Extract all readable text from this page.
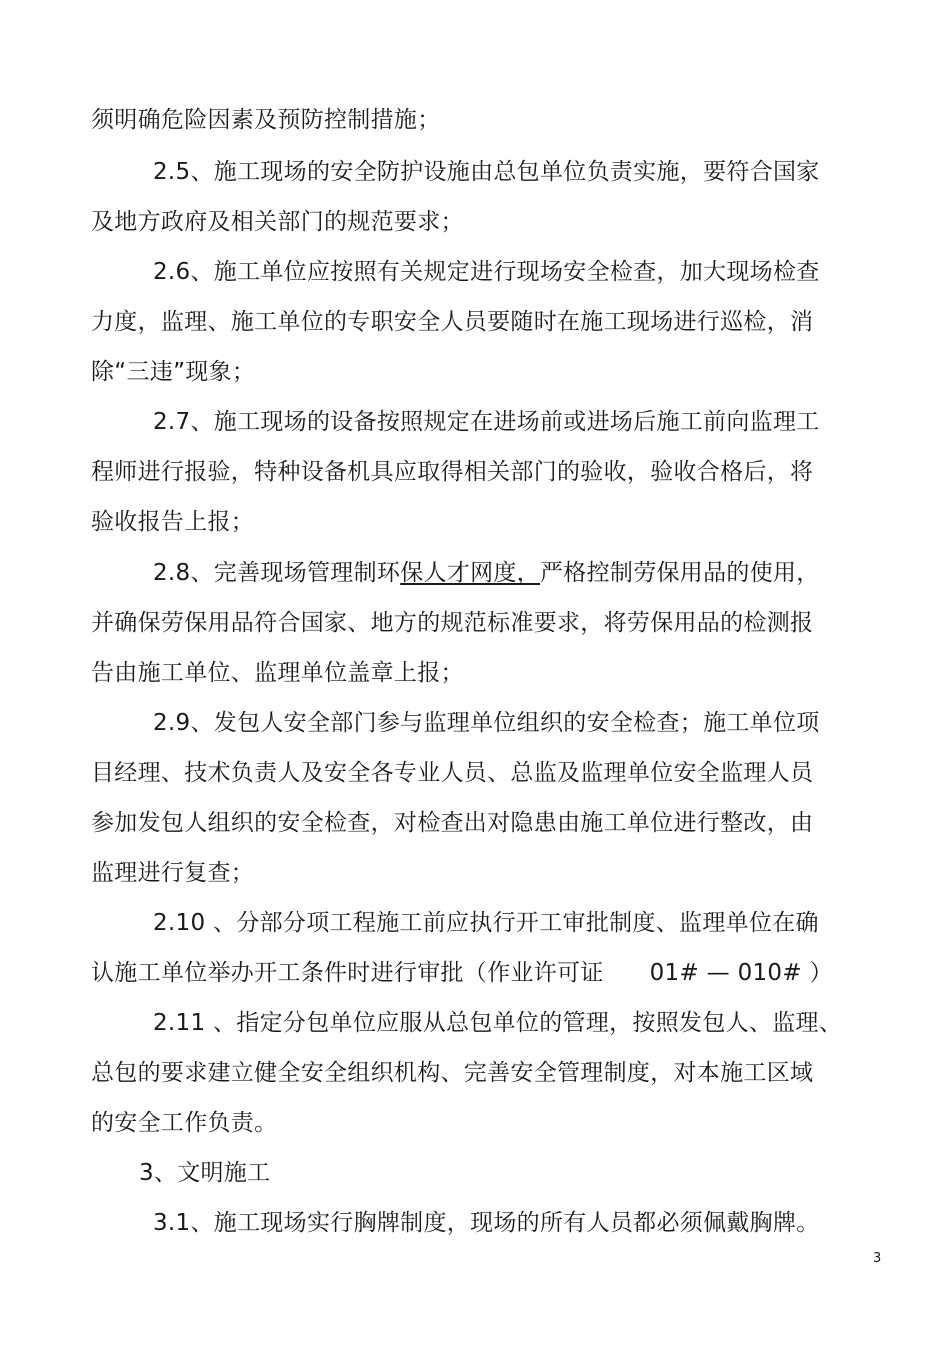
须明确危险因素及预防控制措施；
2.5、施工现场的安全防护设施由总包单位负责实施，要符合国家
及地方政府及相关部门的规范要求；
2.6、施工单位应按照有关规定进行现场安全检查，加大现场检查
力度，监理、施工单位的专职安全人员要随时在施工现场进行巡检，消
除“三违”现象；
2.7、施工现场的设备按照规定在进场前或进场后施工前向监理工
程师进行报验，特种设备机具应取得相关部门的验收，验收合格后，将
验收报告上报；
2.8、完善现场管理制环保人才网度，严格控制劳保用品的使用，
并确保劳保用品符合国家、地方的规范标准要求，将劳保用品的检测报
告由施工单位、监理单位盖章上报；
2.9、发包人安全部门参与监理单位组织的安全检查；施工单位项
目经理、技术负责人及安全各专业人员、总监及监理单位安全监理人员
参加发包人组织的安全检查，对检查出对隐患由施工单位进行整改，由
监理进行复查；
2.10 、分部分项工程施工前应执行开工审批制度、监理单位在确
认施工单位举办开工条件时进行审批（作业许可证 01# — 010# ）
2.11 、指定分包单位应服从总包单位的管理，按照发包人、监理、
总包的要求建立健全安全组织机构、完善安全管理制度，对本施工区域
的安全工作负责。
3、文明施工
3.1、施工现场实行胸牌制度，现场的所有人员都必须佩戴胸牌。
3
